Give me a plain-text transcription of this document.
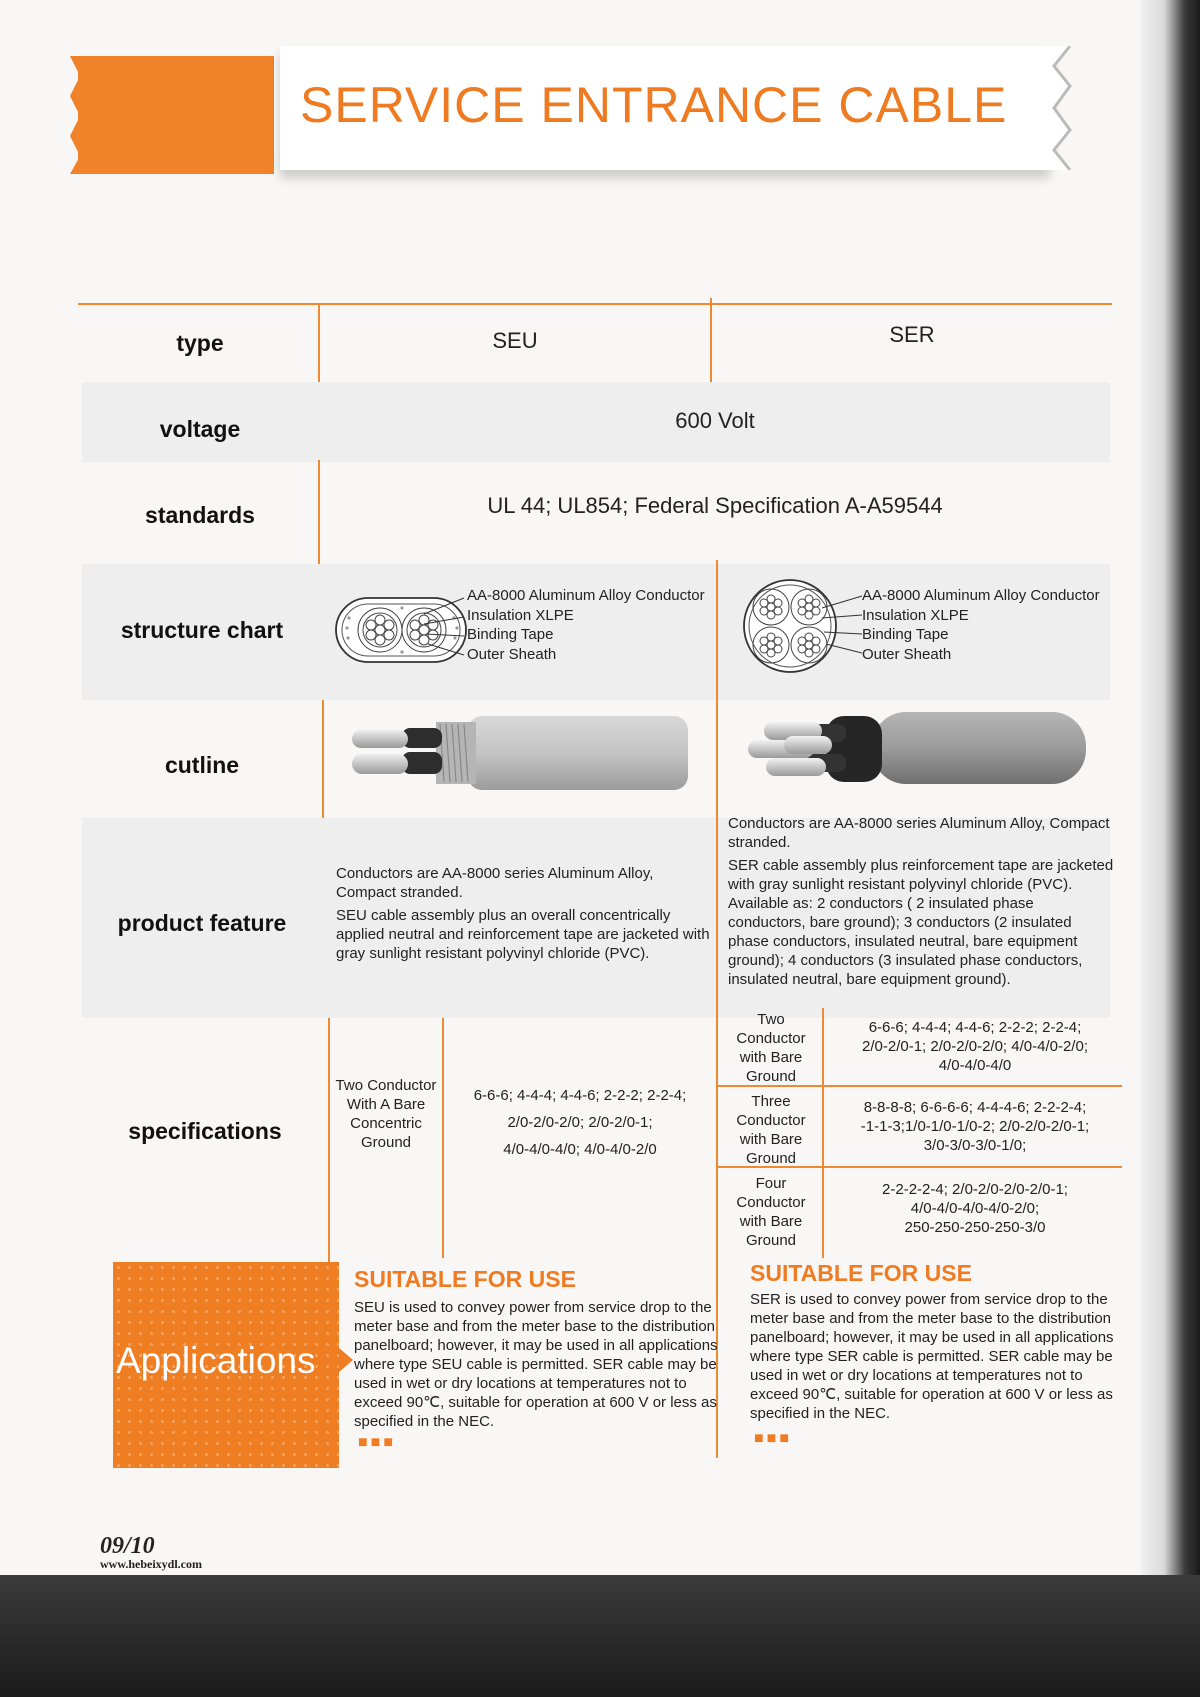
SERVICE ENTRANCE CABLE
type
voltage
standards
structure chart
cutline
product feature
specifications
SEU	SER
600 Volt
UL 44; UL854; Federal Specification A-A59544
AA-8000 Aluminum Alloy Conductor
Insulation XLPE
Binding Tape
Outer Sheath
AA-8000 Aluminum Alloy Conductor
Insulation XLPE
Binding Tape
Outer Sheath
Conductors are AA-8000 series Aluminum Alloy, Compact stranded.
SEU cable assembly plus an overall concentrically applied neutral and reinforcement tape are jacketed with gray sunlight resistant polyvinyl chloride (PVC).
Conductors are AA-8000 series Aluminum Alloy, Compact stranded.
SER cable assembly plus reinforcement tape are jacketed with gray sunlight resistant polyvinyl chloride (PVC). Available as: 2 conductors ( 2 insulated phase conductors, bare ground); 3 conductors (2 insulated phase conductors, insulated neutral, bare equipment ground); 4 conductors (3 insulated phase conductors, insulated neutral, bare equipment ground).
Two Conductor With A Bare Concentric Ground
6-6-6; 4-4-4; 4-4-6; 2-2-2; 2-2-4;
2/0-2/0-2/0; 2/0-2/0-1;
4/0-4/0-4/0; 4/0-4/0-2/0
Two Conductor with Bare Ground
6-6-6; 4-4-4; 4-4-6; 2-2-2; 2-2-4;
2/0-2/0-1; 2/0-2/0-2/0; 4/0-4/0-2/0;
4/0-4/0-4/0
Three Conductor with Bare Ground
8-8-8-8; 6-6-6-6; 4-4-4-6; 2-2-2-4;
-1-1-3;1/0-1/0-1/0-2; 2/0-2/0-2/0-1;
3/0-3/0-3/0-1/0;
Four Conductor with Bare Ground
2-2-2-2-4; 2/0-2/0-2/0-2/0-1;
4/0-4/0-4/0-4/0-2/0;
250-250-250-250-3/0
Applications
SUITABLE FOR USE
SEU is used to convey power from service drop to the meter base and from the meter base to the distribution panelboard; however, it may be used in all applications where type SEU cable is permitted. SER cable may be used in wet or dry locations at temperatures not to exceed 90℃, suitable for operation at 600 V or less as specified in the NEC.
■■■
SUITABLE FOR USE
SER is used to convey power from service drop to the meter base and from the meter base to the distribution panelboard; however, it may be used in all applications where type SER cable is permitted. SER cable may be used in wet or dry locations at temperatures not to exceed 90℃, suitable for operation at 600 V or less as specified in the NEC.
■■■
09/10
www.hebeixydl.com
